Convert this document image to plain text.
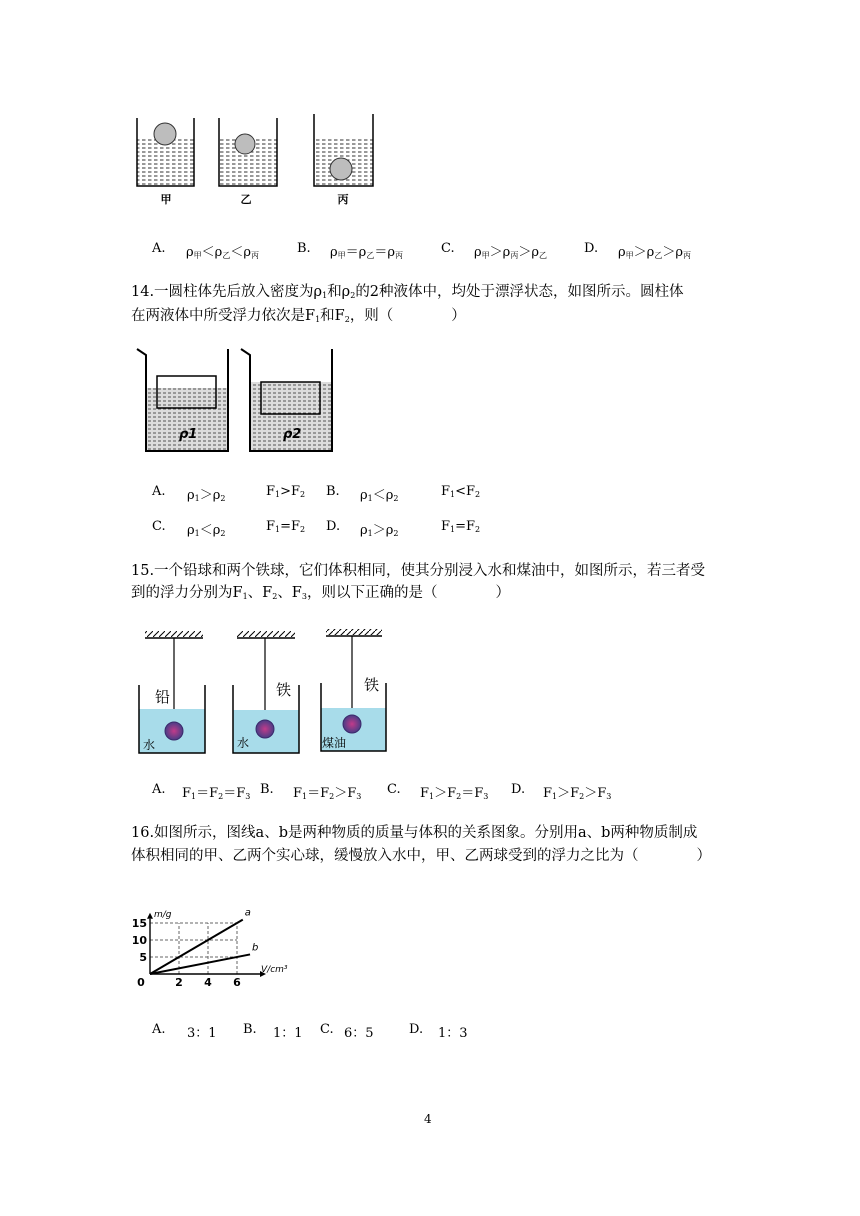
甲	乙	丙
A. $\rho_甲<\rho_乙<\rho_丙$	B. $\rho_甲=\rho_乙=\rho_丙$	C. $\rho_甲>\rho_丙>\rho_乙$	D. $\rho_甲>\rho_乙>\rho_丙$
14.一圆柱体先后放入密度为$\rho_1$和$\rho_2$的2种液体中，均处于漂浮状态，如图所示。圆柱体
在两液体中所受浮力依次是$F_1$和$F_2$，则（　　　　）
ρ1	ρ2
A. $\rho_1>\rho_2$	$F_1>F_2$ B. $\rho_1<\rho_2$	$F_1<F_2$
C. $\rho_1<\rho_2$	$F_1=F_2$ D. $\rho_1>\rho_2$	$F_1=F_2$
15.一个铅球和两个铁球，它们体积相同，使其分别浸入水和煤油中，如图所示，若三者受
到的浮力分别为$F_1$、$F_2$、$F_3$，则以下正确的是（　　　　）
铅
水
铁
水
铁
煤油
A. $F_1=F_2=F_3$ B. $F_1=F_2>F_3$ C. $F_1>F_2=F_3$ D. $F_1>F_2>F_3$
16.如图所示，图线a、b是两种物质的质量与体积的关系图象。分别用a、b两种物质制成
体积相同的甲、乙两个实心球，缓慢放入水中，甲、乙两球受到的浮力之比为（　　　　）
a
b
0	2 4 6
5
10
15
V/cm³
m/g
A. 3：1 B. 1：1 C. 6：5	D. 1：3
4
